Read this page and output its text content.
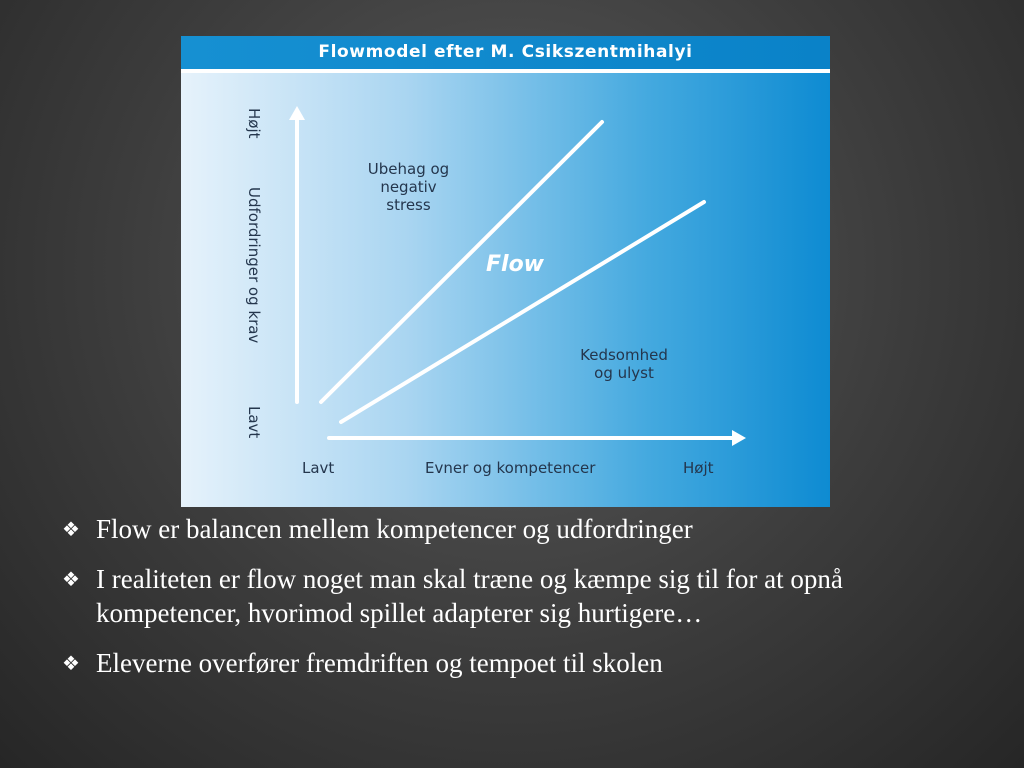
Flowmodel efter M. Csikszentmihalyi
Højt
Udfordringer og krav
Lavt
Lavt	Evner og kompetencer	Højt
Ubehag og
negativ
stress
Flow
Kedsomhed
og ulyst
❖ Flow er balancen mellem kompetencer og udfordringer
❖ I realiteten er flow noget man skal træne og kæmpe sig til for at opnå kompetencer, hvorimod spillet adapterer sig hurtigere…
❖ Eleverne overfører fremdriften og tempoet til skolen
